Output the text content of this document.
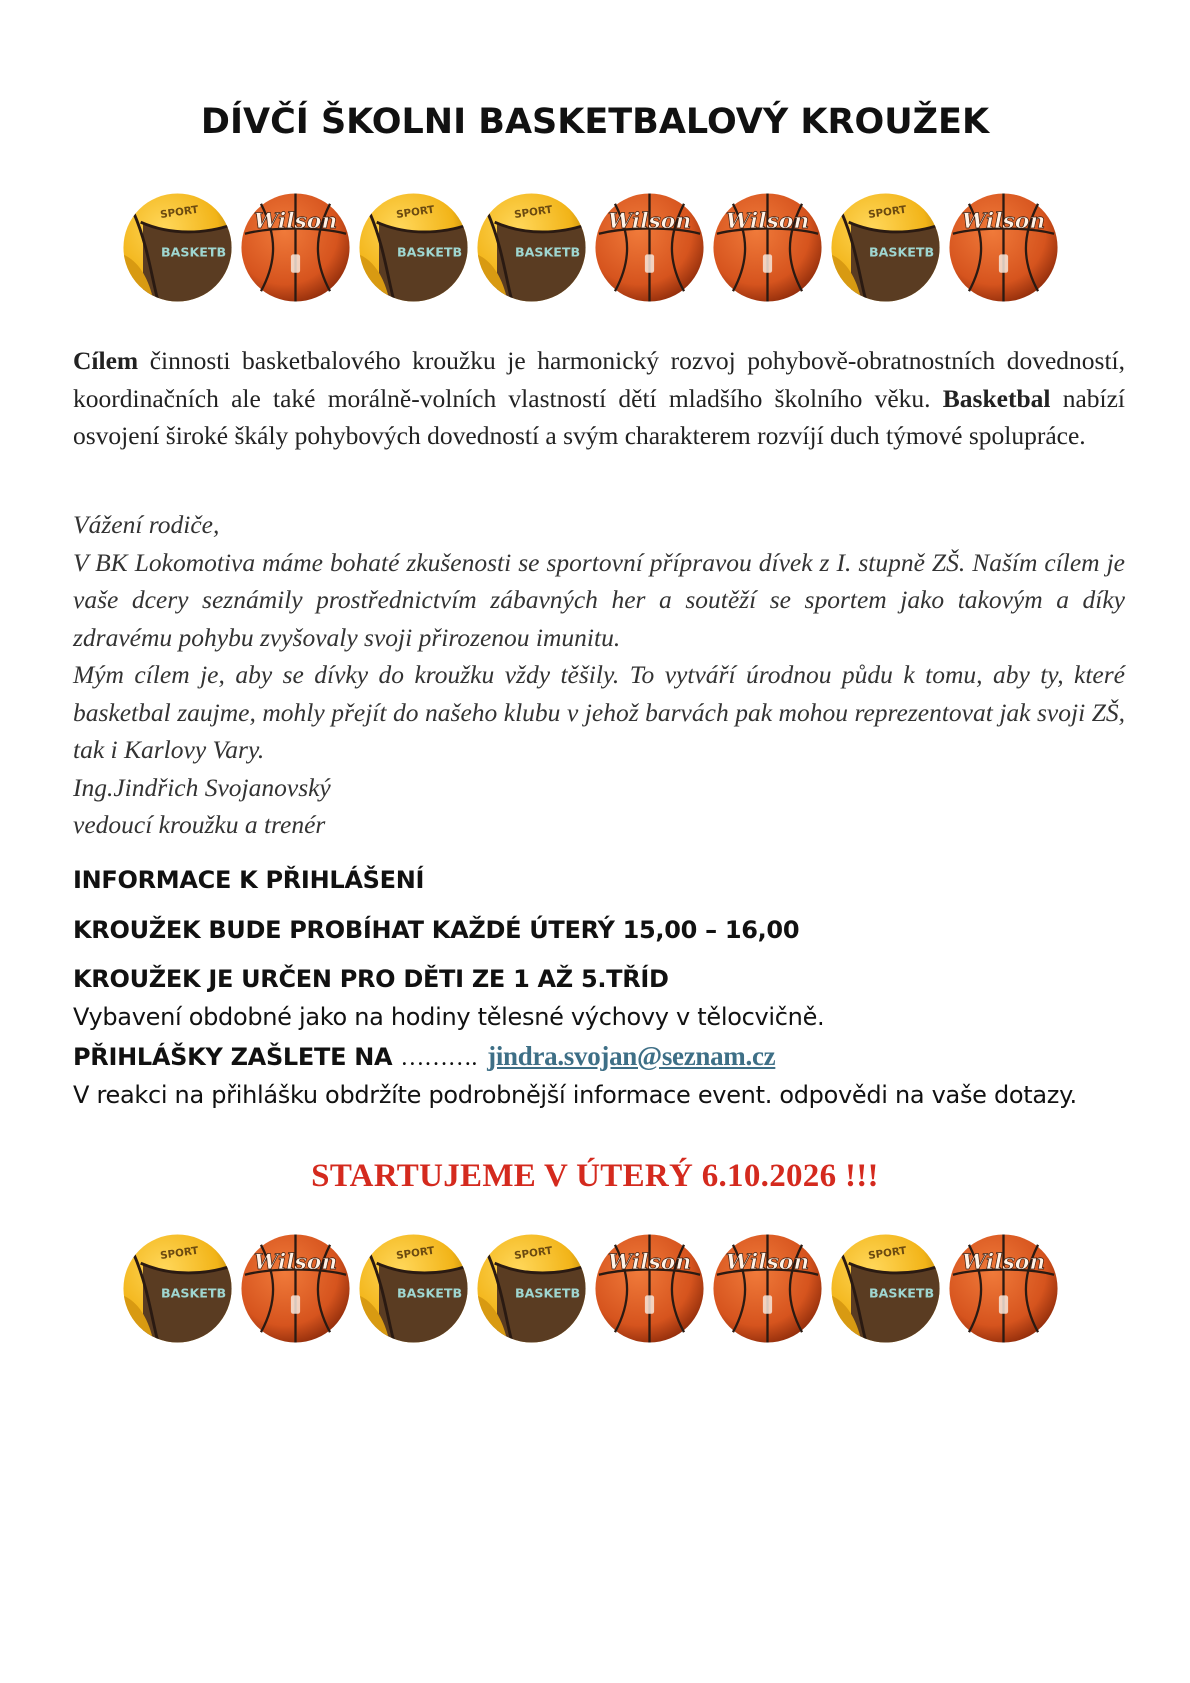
DÍVČÍ ŠKOLNI BASKETBALOVÝ KROUŽEK
SPORT
BASKETB
Wilson	SPORT
BASKETB
SPORT
BASKETB
Wilson Wilson	SPORT
BASKETB
Wilson

Cílem činnosti basketbalového kroužku je harmonický rozvoj pohybově-obratnostních dovedností, koordinačních ale také morálně-volních vlastností dětí mladšího školního věku. Basketbal nabízí osvojení široké škály pohybových dovedností a svým charakterem rozvíjí duch týmové spolupráce.

Vážení rodiče,

V BK Lokomotiva máme bohaté zkušenosti se sportovní přípravou dívek z I. stupně ZŠ. Naším cílem je vaše dcery seznámily prostřednictvím zábavných her a soutěží se sportem jako takovým a díky zdravému pohybu zvyšovaly svoji přirozenou imunitu.

Mým cílem je, aby se dívky do kroužku vždy těšily. To vytváří úrodnou půdu k tomu, aby ty, které basketbal zaujme, mohly přejít do našeho klubu v jehož barvách pak mohou reprezentovat jak svoji ZŠ, tak i Karlovy Vary.

Ing.Jindřich Svojanovský

vedoucí kroužku a trenér

INFORMACE K PŘIHLÁŠENÍ

KROUŽEK BUDE PROBÍHAT KAŽDÉ ÚTERÝ 15,00 – 16,00

KROUŽEK JE URČEN PRO DĚTI ZE 1 AŽ 5.TŘÍD

Vybavení obdobné jako na hodiny tělesné výchovy v tělocvičně.

PŘIHLÁŠKY ZAŠLETE NA ………. jindra.svojan@seznam.cz

V reakci na přihlášku obdržíte podrobnější informace event. odpovědi na vaše dotazy.

STARTUJEME V ÚTERÝ 6.10.2026 !!!

SPORT
BASKETB
Wilson	SPORT
BASKETB
SPORT
BASKETB
Wilson Wilson	SPORT
BASKETB
Wilson
